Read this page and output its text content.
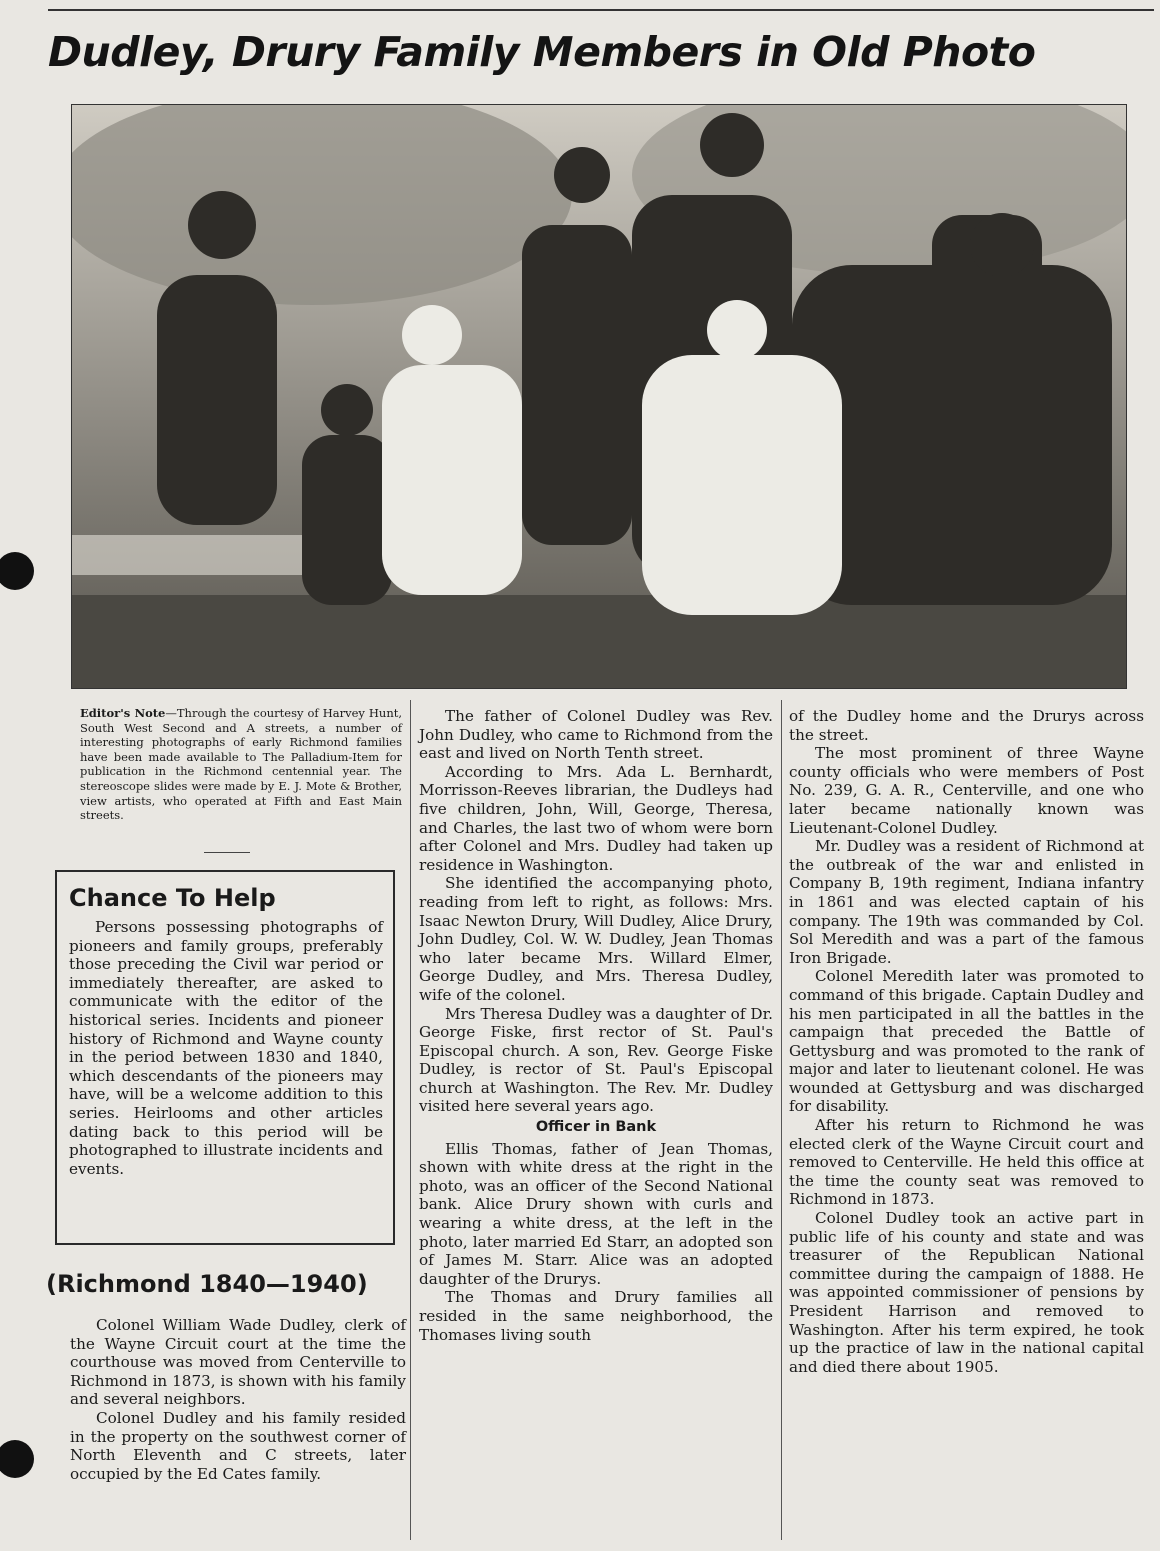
Dudley, Drury Family Members in Old Photo
Editor's Note—Through the courtesy of Harvey Hunt, South West Second and A streets, a number of interesting photographs of early Richmond families have been made available to The Palladium-Item for publication in the Richmond centennial year. The stereoscope slides were made by E. J. Mote & Brother, view artists, who operated at Fifth and East Main streets.
Chance To Help

Persons possessing photographs of pioneers and family groups, preferably those preceding the Civil war period or immediately thereafter, are asked to communicate with the editor of the historical series. Incidents and pioneer history of Richmond and Wayne county in the period between 1830 and 1840, which descendants of the pioneers may have, will be a welcome addition to this series. Heirlooms and other articles dating back to this period will be photographed to illustrate incidents and events.

(Richmond 1840—1940)

Colonel William Wade Dudley, clerk of the Wayne Circuit court at the time the courthouse was moved from Centerville to Richmond in 1873, is shown with his family and several neighbors.

Colonel Dudley and his family resided in the property on the southwest corner of North Eleventh and C streets, later occupied by the Ed Cates family.

The father of Colonel Dudley was Rev. John Dudley, who came to Richmond from the east and lived on North Tenth street.

According to Mrs. Ada L. Bernhardt, Morrisson-Reeves librarian, the Dudleys had five children, John, Will, George, Theresa, and Charles, the last two of whom were born after Colonel and Mrs. Dudley had taken up residence in Washington.

She identified the accompanying photo, reading from left to right, as follows: Mrs. Isaac Newton Drury, Will Dudley, Alice Drury, John Dudley, Col. W. W. Dudley, Jean Thomas who later became Mrs. Willard Elmer, George Dudley, and Mrs. Theresa Dudley, wife of the colonel.

Mrs Theresa Dudley was a daughter of Dr. George Fiske, first rector of St. Paul's Episcopal church. A son, Rev. George Fiske Dudley, is rector of St. Paul's Episcopal church at Washington. The Rev. Mr. Dudley visited here several years ago.

Officer in Bank

Ellis Thomas, father of Jean Thomas, shown with white dress at the right in the photo, was an officer of the Second National bank. Alice Drury shown with curls and wearing a white dress, at the left in the photo, later married Ed Starr, an adopted son of James M. Starr. Alice was an adopted daughter of the Drurys.

The Thomas and Drury families all resided in the same neighborhood, the Thomases living south

of the Dudley home and the Drurys across the street.

The most prominent of three Wayne county officials who were members of Post No. 239, G. A. R., Centerville, and one who later became nationally known was Lieutenant-Colonel Dudley.

Mr. Dudley was a resident of Richmond at the outbreak of the war and enlisted in Company B, 19th regiment, Indiana infantry in 1861 and was elected captain of his company. The 19th was commanded by Col. Sol Meredith and was a part of the famous Iron Brigade.

Colonel Meredith later was promoted to command of this brigade. Captain Dudley and his men participated in all the battles in the campaign that preceded the Battle of Gettysburg and was promoted to the rank of major and later to lieutenant colonel. He was wounded at Gettysburg and was discharged for disability.

After his return to Richmond he was elected clerk of the Wayne Circuit court and removed to Centerville. He held this office at the time the county seat was removed to Richmond in 1873.

Colonel Dudley took an active part in public life of his county and state and was treasurer of the Republican National committee during the campaign of 1888. He was appointed commissioner of pensions by President Harrison and removed to Washington. After his term expired, he took up the practice of law in the national capital and died there about 1905.
